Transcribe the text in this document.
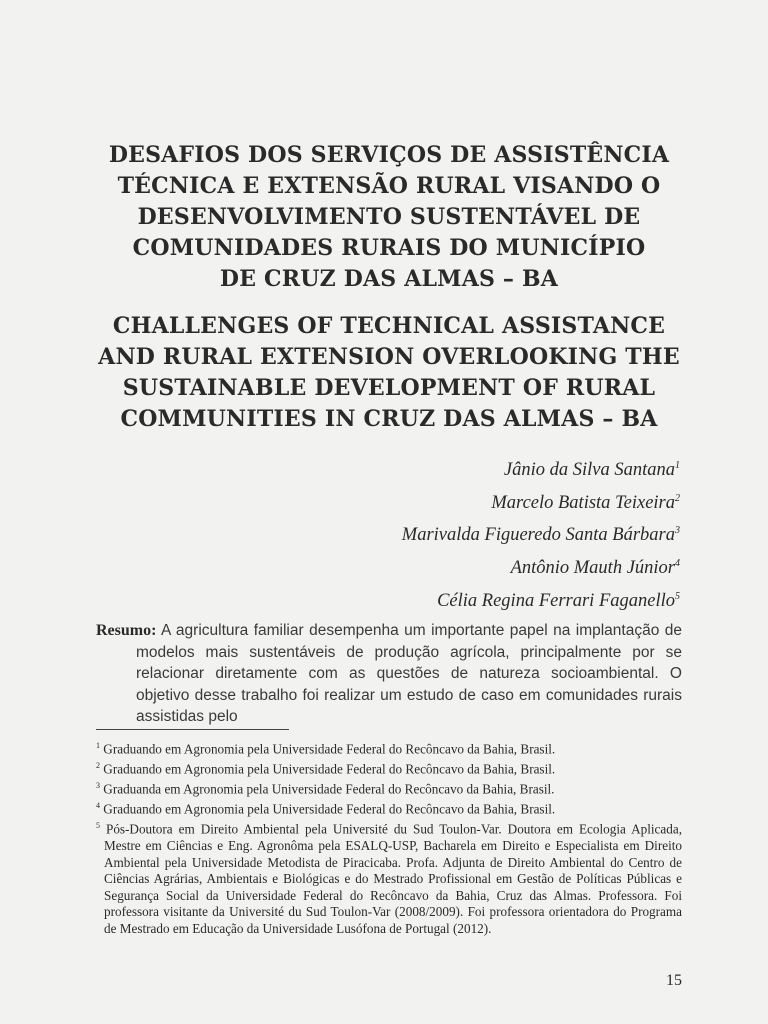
DESAFIOS DOS SERVIÇOS DE ASSISTÊNCIA

TÉCNICA E EXTENSÃO RURAL VISANDO O

DESENVOLVIMENTO SUSTENTÁVEL DE

COMUNIDADES RURAIS DO MUNICÍPIO

DE CRUZ DAS ALMAS – BA

CHALLENGES OF TECHNICAL ASSISTANCE

AND RURAL EXTENSION OVERLOOKING THE

SUSTAINABLE DEVELOPMENT OF RURAL

COMMUNITIES IN CRUZ DAS ALMAS – BA

Jânio da Silva Santana$^1$
Marcelo Batista Teixeira$^2$
Marivalda Figueredo Santa Bárbara$^3$
Antônio Mauth Júnior$^4$
Célia Regina Ferrari Faganello$^5$

Resumo: A agricultura familiar desempenha um importante papel na implantação de modelos mais sustentáveis de produção agrícola, principalmente por se relacionar diretamente com as questões de natureza socioambiental. O objetivo desse trabalho foi realizar um estudo de caso em comunidades rurais assistidas pelo

$^1$ Graduando em Agronomia pela Universidade Federal do Recôncavo da Bahia, Brasil.

$^2$ Graduando em Agronomia pela Universidade Federal do Recôncavo da Bahia, Brasil.

$^3$ Graduanda em Agronomia pela Universidade Federal do Recôncavo da Bahia, Brasil.

$^4$ Graduando em Agronomia pela Universidade Federal do Recôncavo da Bahia, Brasil.

$^5$ Pós-Doutora em Direito Ambiental pela Université du Sud Toulon-Var. Doutora em Ecologia Aplicada, Mestre em Ciências e Eng. Agronôma pela ESALQ-USP, Bacharela em Direito e Especialista em Direito Ambiental pela Universidade Metodista de Piracicaba. Profa. Adjunta de Direito Ambiental do Centro de Ciências Agrárias, Ambientais e Biológicas e do Mestrado Profissional em Gestão de Políticas Públicas e Segurança Social da Universidade Federal do Recôncavo da Bahia, Cruz das Almas. Professora. Foi professora visitante da Université du Sud Toulon-Var (2008/2009). Foi professora orientadora do Programa de Mestrado em Educação da Universidade Lusófona de Portugal (2012).

15
